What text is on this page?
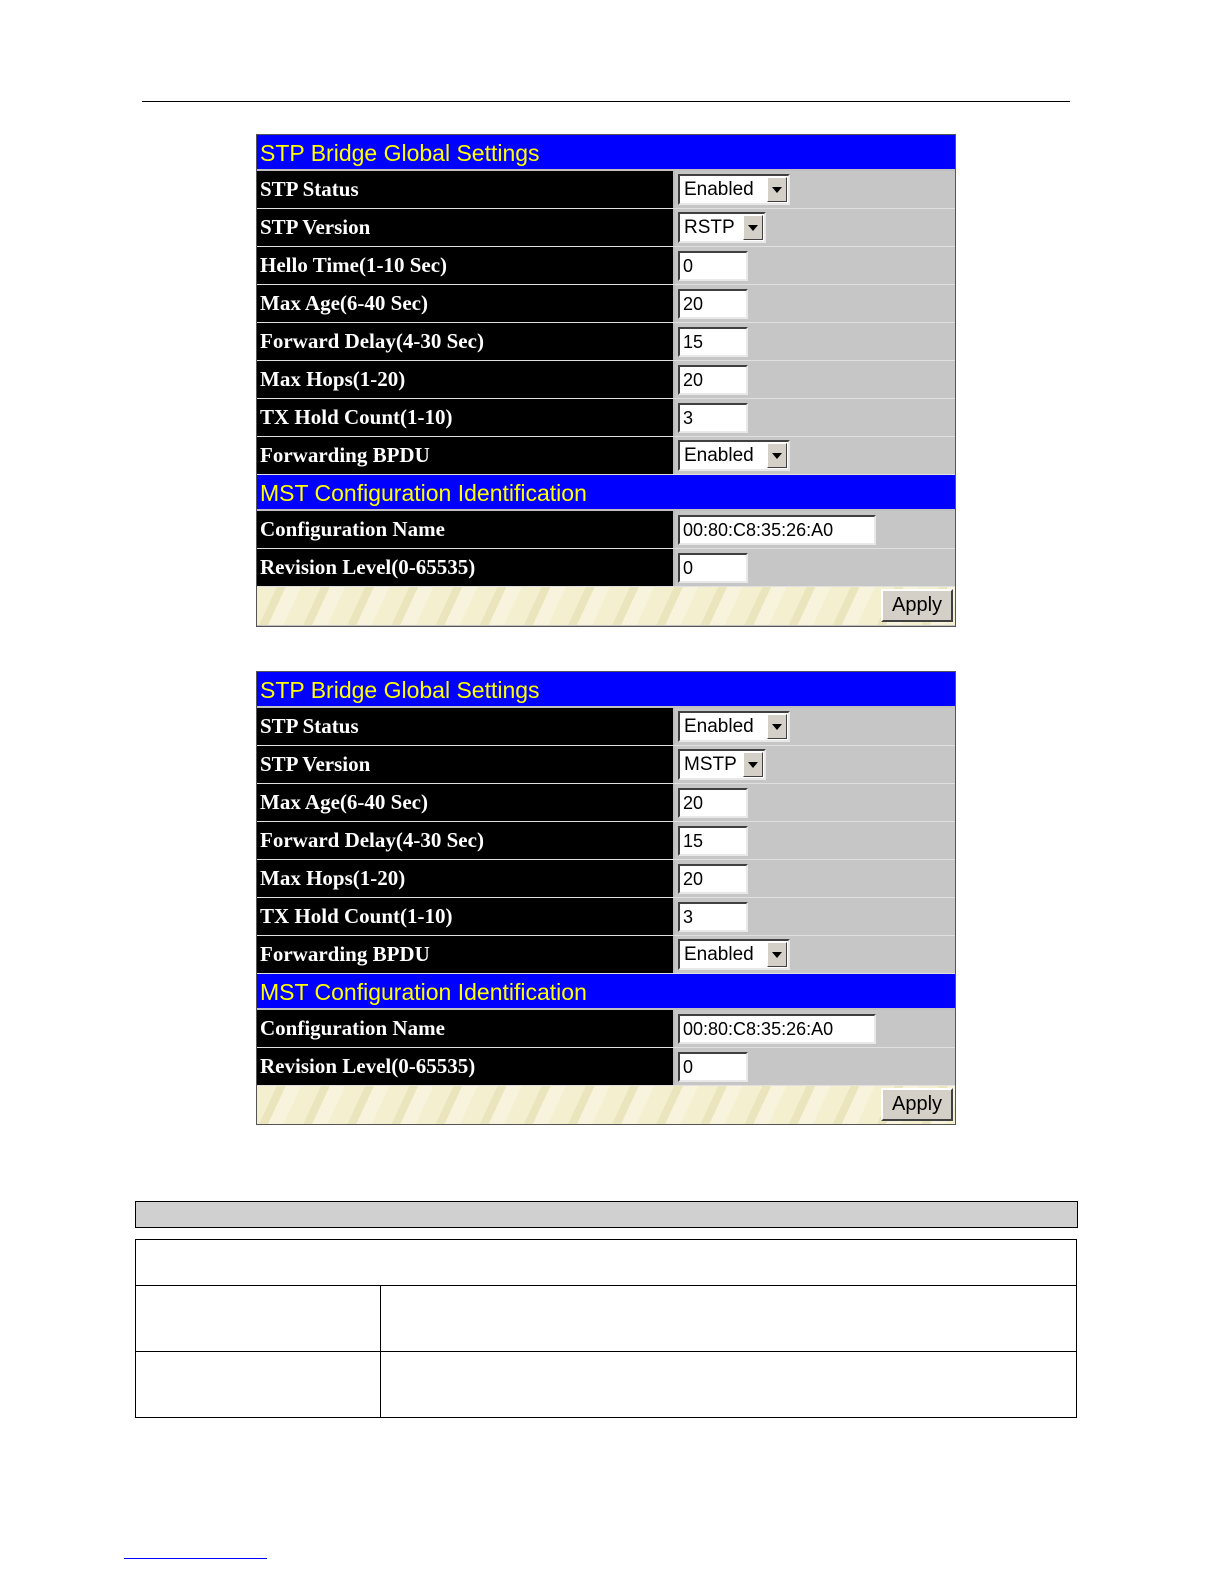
STP Bridge Global Settings
STP Status	Enabled
STP Version	RSTP
Hello Time(1-10 Sec)	0
Max Age(6-40 Sec)	20
Forward Delay(4-30 Sec)	15
Max Hops(1-20)	20
TX Hold Count(1-10)	3
Forwarding BPDU	Enabled
MST Configuration Identification
Configuration Name	00:80:C8:35:26:A0
Revision Level(0-65535)	0
Apply
STP Bridge Global Settings
STP Status	Enabled
STP Version	MSTP
Max Age(6-40 Sec)	20
Forward Delay(4-30 Sec)	15
Max Hops(1-20)	20
TX Hold Count(1-10)	3
Forwarding BPDU	Enabled
MST Configuration Identification
Configuration Name	00:80:C8:35:26:A0
Revision Level(0-65535)	0
Apply
